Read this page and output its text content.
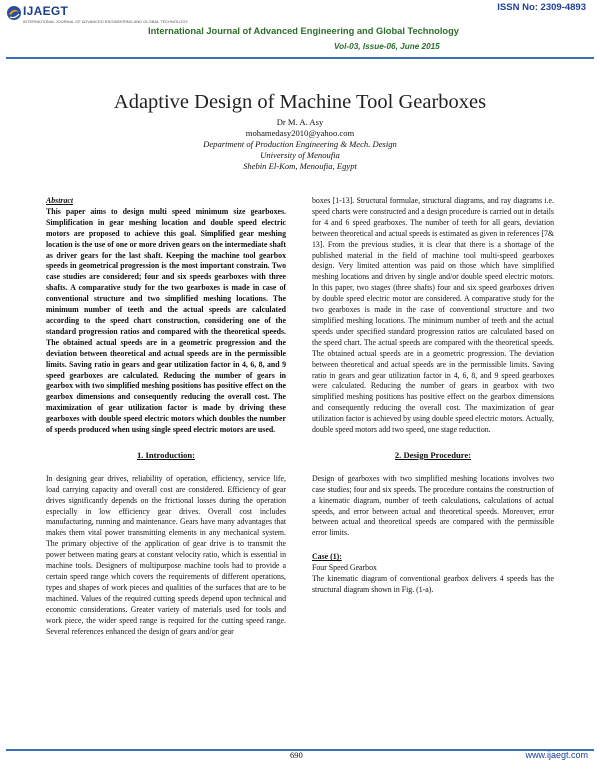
IJAEGT
INTERNATIONAL JOURNAL OF ADVANCED ENGINEERING AND GLOBAL TECHNOLOGY
ISSN No: 2309-4893
International Journal of Advanced Engineering and Global Technology
Vol-03, Issue-06, June 2015
Adaptive Design of Machine Tool Gearboxes
Dr M. A. Asy
mohamedasy2010@yahoo.com
Department of Production Engineering & Mech. Design
University of Menoufia
Shebin El-Kom, Menoufia, Egypt

Abstract

This paper aims to design multi speed minimum size gearboxes. Simplification in gear meshing location and double speed electric motors are proposed to achieve this goal. Simplified gear meshing location is the use of one or more driven gears on the intermediate shaft as driver gears for the last shaft. Keeping the machine tool gearbox speeds in geometrical progression is the most important constrain. Two case studies are considered; four and six speeds gearboxes with three shafts. A comparative study for the two gearboxes is made in case of conventional structure and two simplified meshing locations. The minimum number of teeth and the actual speeds are calculated according to the speed chart construction, considering one of the standard progression ratios and compared with the theoretical speeds. The obtained actual speeds are in a geometric progression and the deviation between theoretical and actual speeds are in the permissible limits. Saving ratio in gears and gear utilization factor in 4, 6, 8, and 9 speed gearboxes are calculated. Reducing the number of gears in gearbox with two simplified meshing positions has positive effect on the gearbox dimensions and consequently reducing the overall cost. The maximization of gear utilization factor is made by driving these gearboxes with double speed electric motors which doubles the number of speeds produced when using single speed electric motors are used.

1. Introduction:

In designing gear drives, reliability of operation, efficiency, service life, load carrying capacity and overall cost are considered. Efficiency of gear drives significantly depends on the frictional losses during the operation especially in low efficiency gear drives. Overall cost includes manufacturing, running and maintenance. Gears have many advantages that makes them vital power transmitting elements in any mechanical system. The primary objective of the application of gear drive is to transmit the power between mating gears at constant velocity ratio, which is essential in machine tools. Designers of multipurpose machine tools had to provide a certain speed range which covers the requirements of different operations, types and shapes of work pieces and qualities of the surfaces that are to be machined. Values of the required cutting speeds depend upon technical and economic considerations. Greater variety of materials used for tools and work piece, the wider speed range is required for the cutting speed range. Several references enhanced the design of gears and/or gear

boxes [1-13]. Structural formulae, structural diagrams, and ray diagrams i.e. speed charts were constructed and a design procedure is carried out in details for 4 and 6 speed gearboxes. The number of teeth for all gears, deviation between theoretical and actual speeds is estimated as given in references [7& 13]. From the previous studies, it is clear that there is a shortage of the published material in the field of machine tool multi-speed gearboxes design. Very limited attention was paid on those which have simplified meshing locations and driven by single and/or double speed electric motors. In this paper, two stages (three shafts) four and six speed gearboxes driven by double speed electric motor are considered. A comparative study for the two gearboxes is made in the case of conventional structure and two simplified meshing locations. The minimum number of teeth and the actual speeds under specified standard progression ratios are calculated based on the speed chart. The actual speeds are compared with the theoretical speeds. The obtained actual speeds are in a geometric progression. The deviation between theoretical and actual speeds are in the permissible limits. Saving ratio in gears and gear utilization factor in 4, 6, 8, and 9 speed gearboxes were calculated. Reducing the number of gears in gearbox with two simplified meshing positions has positive effect on the gearbox dimensions and consequently reducing the overall cost. The maximization of gear utilization factor is achieved by using double speed electric motors. Actually, double speed motors add two speed, one stage reduction.

2. Design Procedure:

Design of gearboxes with two simplified meshing locations involves two case studies; four and six speeds. The procedure contains the construction of a kinematic diagram, number of teeth calculations, calculations of actual speeds, and error between actual and theoretical speeds. Moreover, error between actual and theoretical speeds are compared with the permissible error limits.

Case (1):

Four Speed Gearbox

The kinematic diagram of conventional gearbox delivers 4 speeds has the structural diagram shown in Fig. (1-a).

690	www.ijaegt.com
